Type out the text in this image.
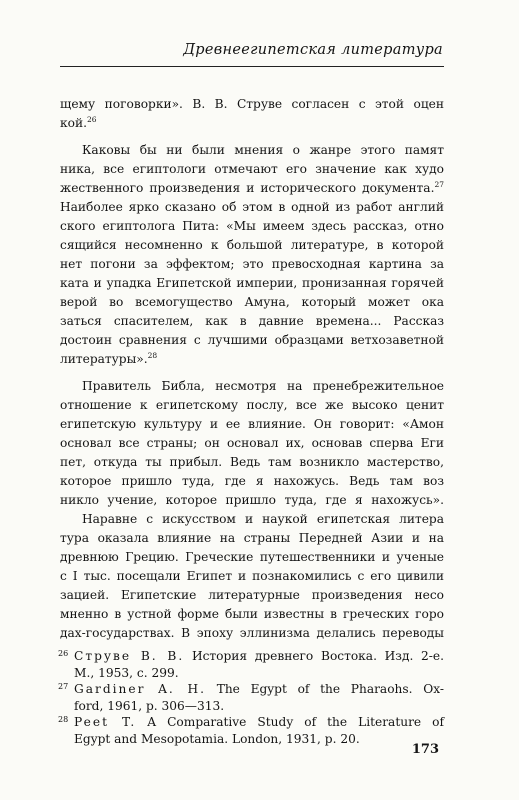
Древнеегипетская литература
щему поговорки». В. В. Струве согласен с этой оцен
кой.$^{26}$
Каковы бы ни были мнения о жанре этого памят
ника, все египтологи отмечают его значение как худо
жественного произведения и исторического документа.$^{27}$
Наиболее ярко сказано об этом в одной из работ англий
ского египтолога Пита: «Мы имеем здесь рассказ, отно
сящийся несомненно к большой литературе, в которой
нет погони за эффектом; это превосходная картина за
ката и упадка Египетской империи, пронизанная горячей
верой во всемогущество Амуна, который может ока
заться спасителем, как в давние времена... Рассказ
достоин сравнения с лучшими образцами ветхозаветной
литературы».$^{28}$
Правитель Библа, несмотря на пренебрежительное
отношение к египетскому послу, все же высоко ценит
египетскую культуру и ее влияние. Он говорит: «Амон
основал все страны; он основал их, основав сперва Еги
пет, откуда ты прибыл. Ведь там возникло мастерство,
которое пришло туда, где я нахожусь. Ведь там воз
никло учение, которое пришло туда, где я нахожусь».
Наравне с искусством и наукой египетская литера
тура оказала влияние на страны Передней Азии и на
древнюю Грецию. Греческие путешественники и ученые
с I тыс. посещали Египет и познакомились с его цивили
зацией. Египетские литературные произведения несо
мненно в устной форме были известны в греческих горо
дах-государствах. В эпоху эллинизма делались переводы
26 Струве В. В. История древнего Востока. Изд. 2-е.
М., 1953, с. 299.
27 Gardiner A. H. The Egypt of the Pharaohs. Ox-
ford, 1961, p. 306—313.
28 Peet T. A Comparative Study of the Literature of
Egypt and Mesopotamia. London, 1931, p. 20.
173
